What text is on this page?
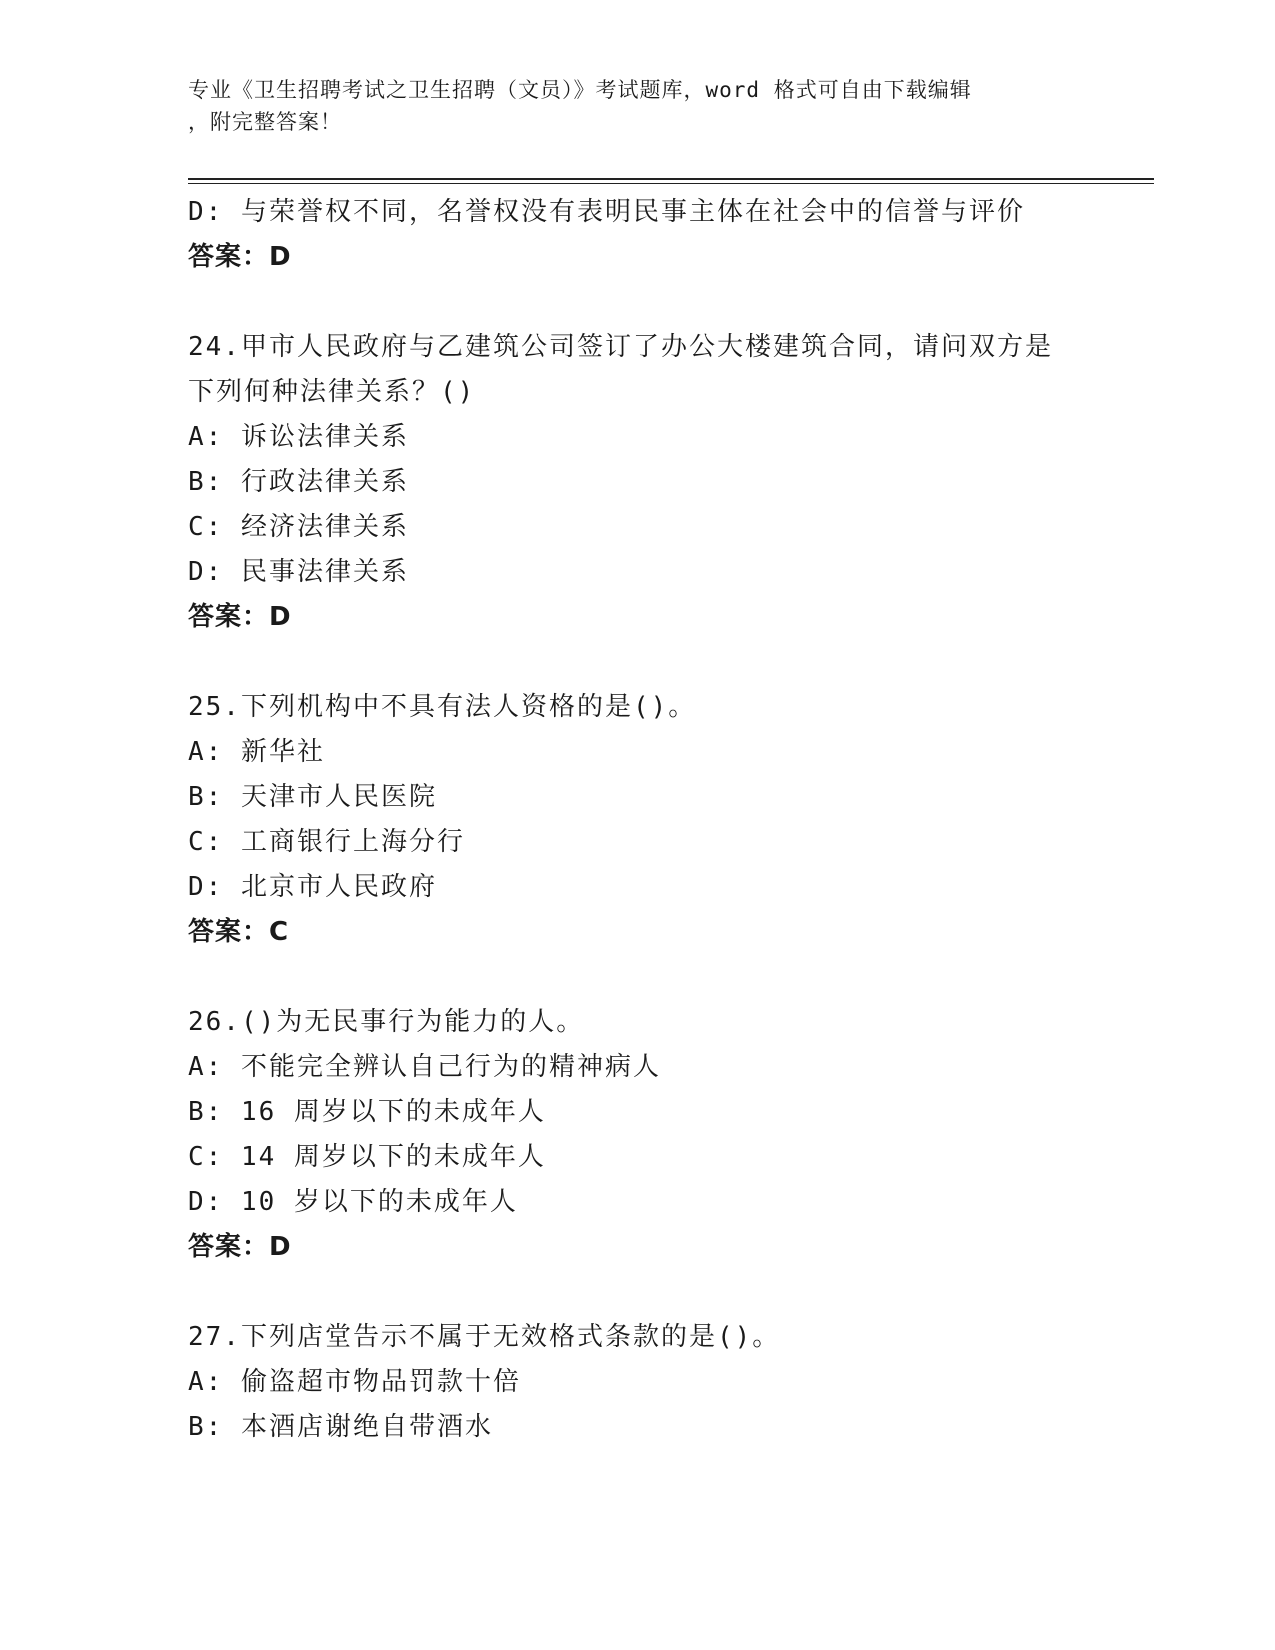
专业《卫生招聘考试之卫生招聘（文员）》考试题库，word 格式可自由下载编辑
，附完整答案！
D: 与荣誉权不同，名誉权没有表明民事主体在社会中的信誉与评价
答案：D
24.甲市人民政府与乙建筑公司签订了办公大楼建筑合同，请问双方是
下列何种法律关系？()
A: 诉讼法律关系
B: 行政法律关系
C: 经济法律关系
D: 民事法律关系
答案：D
25.下列机构中不具有法人资格的是()。
A: 新华社
B: 天津市人民医院
C: 工商银行上海分行
D: 北京市人民政府
答案：C
26.()为无民事行为能力的人。
A: 不能完全辨认自己行为的精神病人
B: 16 周岁以下的未成年人
C: 14 周岁以下的未成年人
D: 10 岁以下的未成年人
答案：D
27.下列店堂告示不属于无效格式条款的是()。
A: 偷盗超市物品罚款十倍
B: 本酒店谢绝自带酒水
